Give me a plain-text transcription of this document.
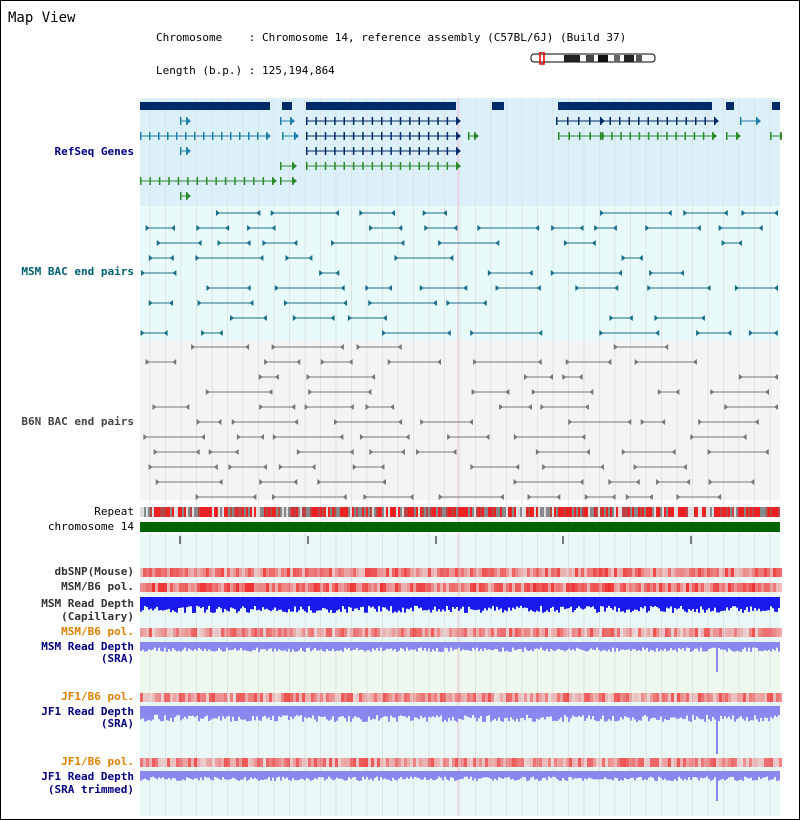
Map View

Chromosome    : Chromosome 14, reference assembly (C57BL/6J) (Build 37)

Length (b.p.) : 125,194,864

RefSeq Genes
MSM BAC end pairs
B6N BAC end pairs
Repeat
chromosome 14
dbSNP(Mouse)
MSM/B6 pol.
MSM Read Depth
(Capillary)
MSM/B6 pol.
MSM Read Depth
(SRA)
JF1/B6 pol.
JF1 Read Depth
(SRA)
JF1/B6 pol.
JF1 Read Depth
(SRA trimmed)
